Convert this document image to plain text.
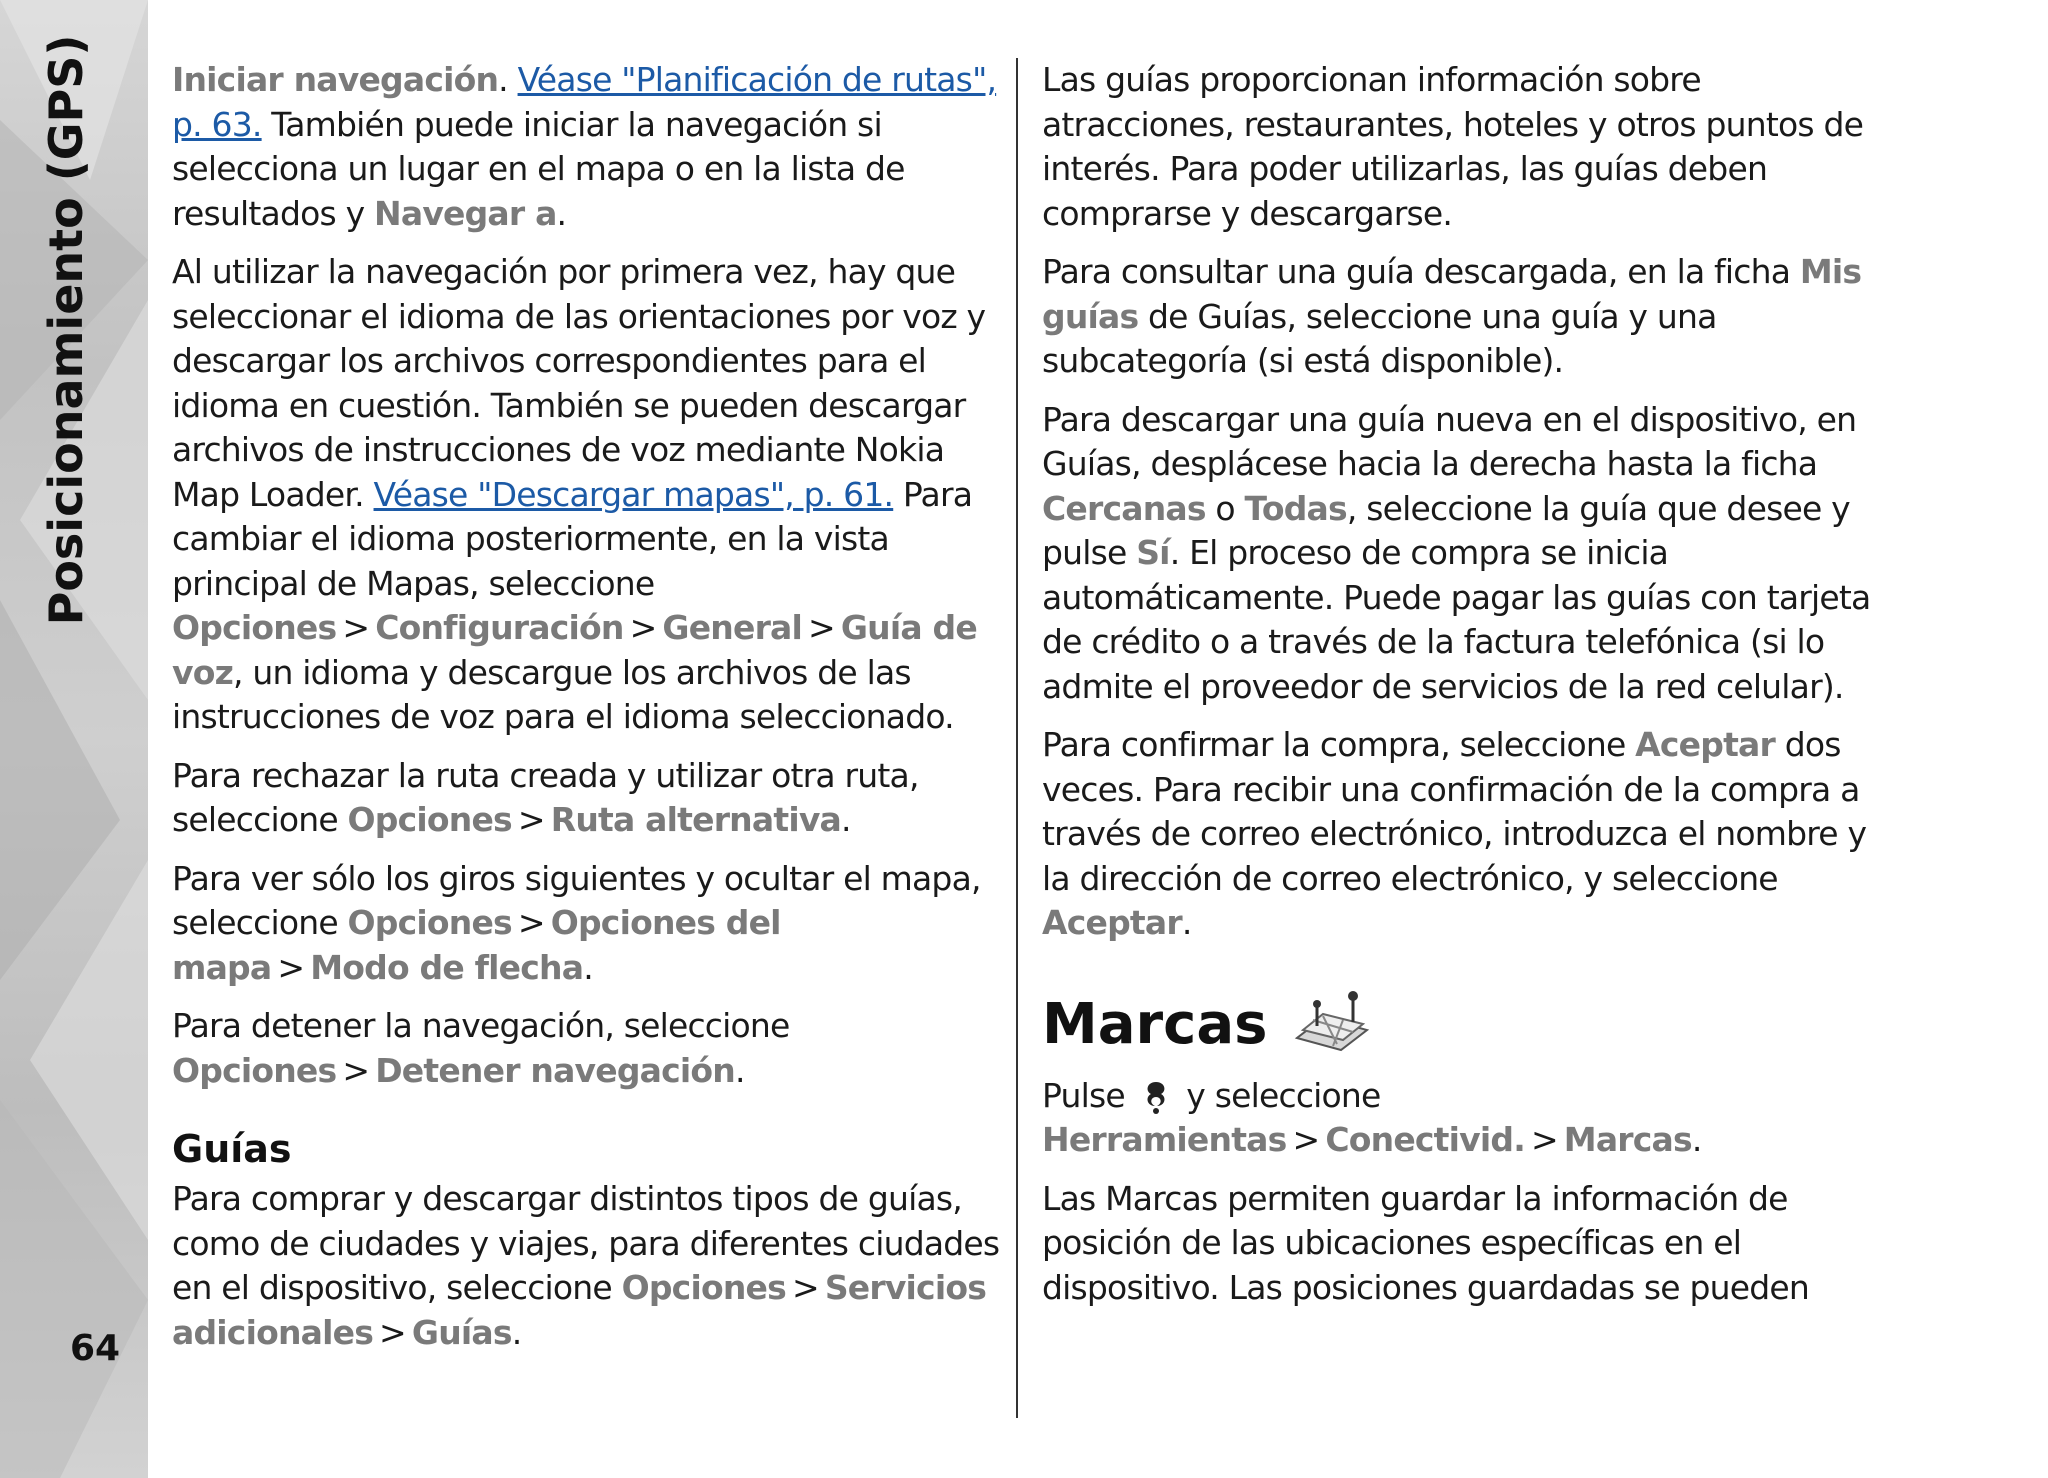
Posicionamiento (GPS)
64

Iniciar navegación. Véase "Planificación de rutas", p. 63. También puede iniciar la navegación si selecciona un lugar en el mapa o en la lista de resultados y Navegar a.

Al utilizar la navegación por primera vez, hay que seleccionar el idioma de las orientaciones por voz y descargar los archivos correspondientes para el idioma en cuestión. También se pueden descargar archivos de instrucciones de voz mediante Nokia Map Loader. Véase "Descargar mapas", p. 61. Para cambiar el idioma posteriormente, en la vista principal de Mapas, seleccione Opciones > Configuración > General > Guía de voz, un idioma y descargue los archivos de las instrucciones de voz para el idioma seleccionado.

Para rechazar la ruta creada y utilizar otra ruta, seleccione Opciones > Ruta alternativa.

Para ver sólo los giros siguientes y ocultar el mapa, seleccione Opciones > Opciones del mapa > Modo de flecha.

Para detener la navegación, seleccione Opciones > Detener navegación.

Guías

Para comprar y descargar distintos tipos de guías, como de ciudades y viajes, para diferentes ciudades en el dispositivo, seleccione Opciones > Servicios adicionales > Guías.

Las guías proporcionan información sobre atracciones, restaurantes, hoteles y otros puntos de interés. Para poder utilizarlas, las guías deben comprarse y descargarse.

Para consultar una guía descargada, en la ficha Mis guías de Guías, seleccione una guía y una subcategoría (si está disponible).

Para descargar una guía nueva en el dispositivo, en Guías, desplácese hacia la derecha hasta la ficha Cercanas o Todas, seleccione la guía que desee y pulse Sí. El proceso de compra se inicia automáticamente. Puede pagar las guías con tarjeta de crédito o a través de la factura telefónica (si lo admite el proveedor de servicios de la red celular).

Para confirmar la compra, seleccione Aceptar dos veces. Para recibir una confirmación de la compra a través de correo electrónico, introduzca el nombre y la dirección de correo electrónico, y seleccione Aceptar.

Marcas

Pulse  y seleccione Herramientas > Conectivid. > Marcas.

Las Marcas permiten guardar la información de posición de las ubicaciones específicas en el dispositivo. Las posiciones guardadas se pueden
